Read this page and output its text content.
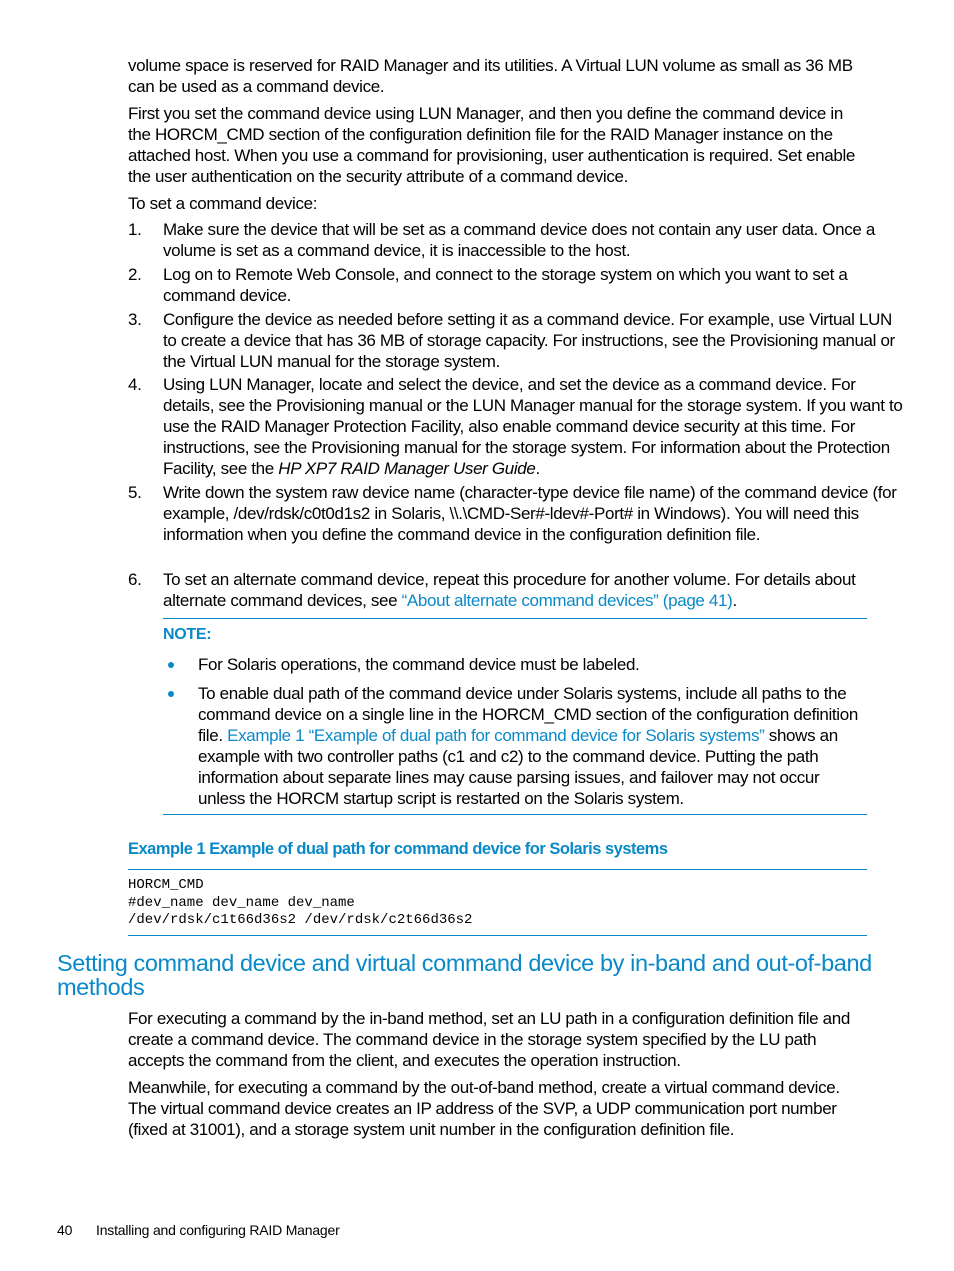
volume space is reserved for RAID Manager and its utilities. A Virtual LUN volume as small as 36 MB can be used as a command device.

First you set the command device using LUN Manager, and then you define the command device in the HORCM_CMD section of the configuration definition file for the RAID Manager instance on the attached host. When you use a command for provisioning, user authentication is required. Set enable the user authentication on the security attribute of a command device.

To set a command device:

1. Make sure the device that will be set as a command device does not contain any user data. Once a volume is set as a command device, it is inaccessible to the host.
2. Log on to Remote Web Console, and connect to the storage system on which you want to set a command device.
3. Configure the device as needed before setting it as a command device. For example, use Virtual LUN to create a device that has 36 MB of storage capacity. For instructions, see the Provisioning manual or the Virtual LUN manual for the storage system.
4. Using LUN Manager, locate and select the device, and set the device as a command device. For details, see the Provisioning manual or the LUN Manager manual for the storage system. If you want to use the RAID Manager Protection Facility, also enable command device security at this time. For instructions, see the Provisioning manual for the storage system. For information about the Protection Facility, see the HP XP7 RAID Manager User Guide.
5. Write down the system raw device name (character-type device file name) of the command device (for example, /dev/rdsk/c0t0d1s2 in Solaris, \\.\CMD-Ser#-ldev#-Port# in Windows). You will need this information when you define the command device in the configuration definition file.
6. To set an alternate command device, repeat this procedure for another volume. For details about alternate command devices, see “About alternate command devices” (page 41).
NOTE:
For Solaris operations, the command device must be labeled.
To enable dual path of the command device under Solaris systems, include all paths to the command device on a single line in the HORCM_CMD section of the configuration definition file. Example 1 “Example of dual path for command device for Solaris systems” shows an example with two controller paths (c1 and c2) to the command device. Putting the path information about separate lines may cause parsing issues, and failover may not occur unless the HORCM startup script is restarted on the Solaris system.
Example 1 Example of dual path for command device for Solaris systems
HORCM_CMD
#dev_name dev_name dev_name
/dev/rdsk/c1t66d36s2 /dev/rdsk/c2t66d36s2
Setting command device and virtual command device by in-band and out-of-band methods

For executing a command by the in-band method, set an LU path in a configuration definition file and create a command device. The command device in the storage system specified by the LU path accepts the command from the client, and executes the operation instruction.

Meanwhile, for executing a command by the out-of-band method, create a virtual command device. The virtual command device creates an IP address of the SVP, a UDP communication port number (fixed at 31001), and a storage system unit number in the configuration definition file.

40 Installing and configuring RAID Manager
